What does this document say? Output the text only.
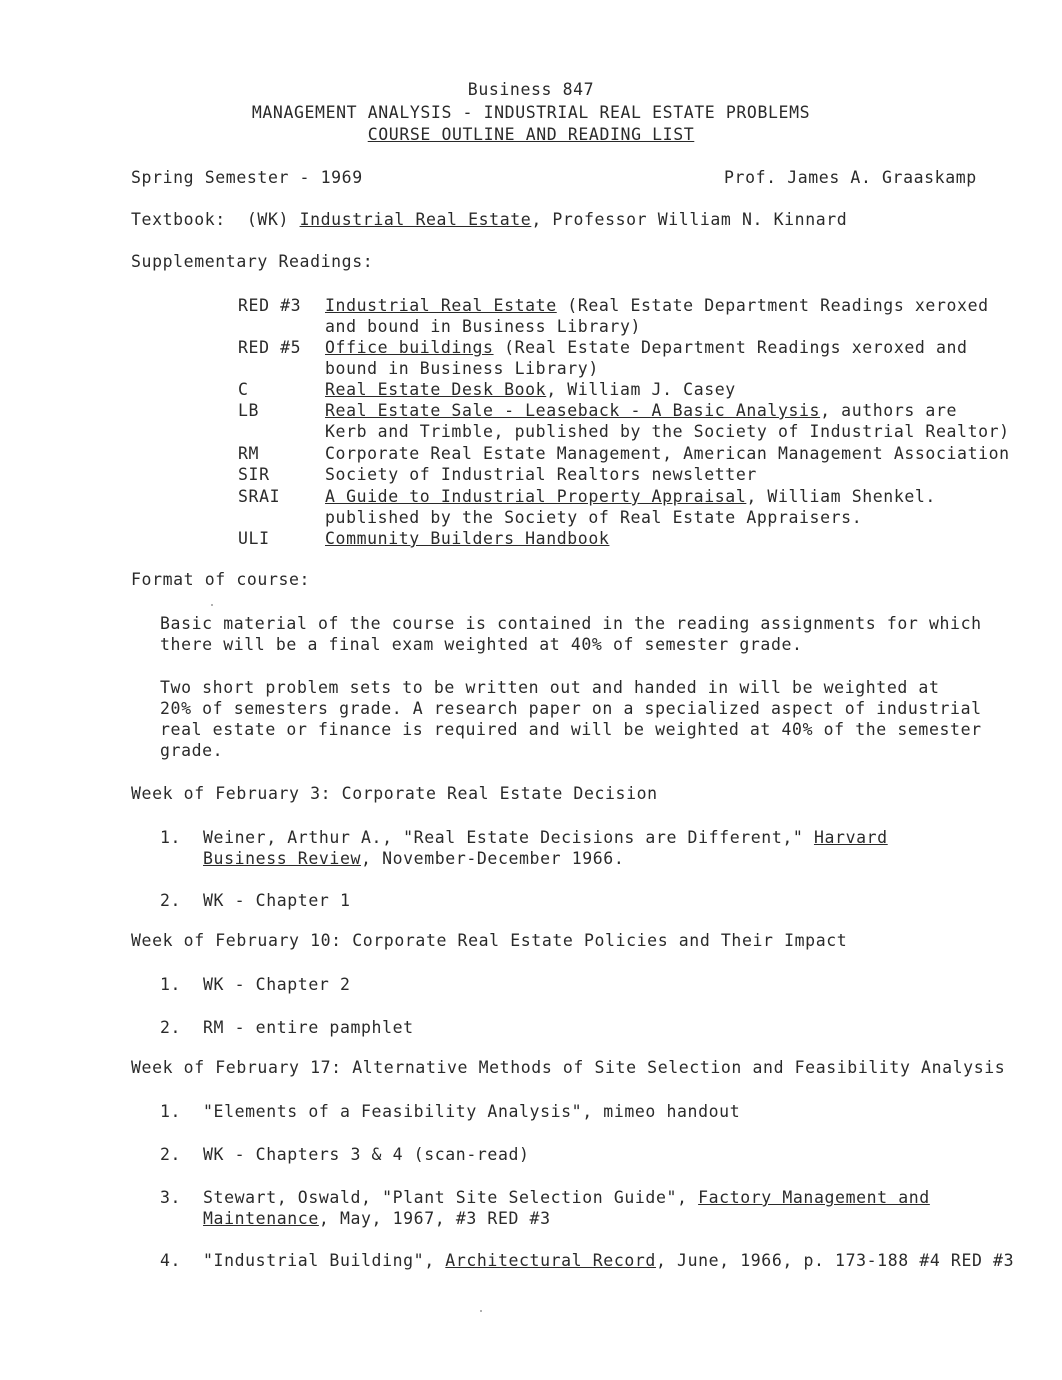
Business 847
MANAGEMENT ANALYSIS - INDUSTRIAL REAL ESTATE PROBLEMS
COURSE OUTLINE AND READING LIST
Spring Semester - 1969	Prof. James A. Graaskamp
Textbook: (WK) Industrial Real Estate, Professor William N. Kinnard
Supplementary Readings:
RED #3 Industrial Real Estate (Real Estate Department Readings xeroxed
and bound in Business Library)
RED #5 Office buildings (Real Estate Department Readings xeroxed and
bound in Business Library)
C	Real Estate Desk Book, William J. Casey
LB	Real Estate Sale - Leaseback - A Basic Analysis, authors are
Kerb and Trimble, published by the Society of Industrial Realtor)
RM	Corporate Real Estate Management, American Management Association
SIR	Society of Industrial Realtors newsletter
SRAI	A Guide to Industrial Property Appraisal, William Shenkel.
published by the Society of Real Estate Appraisers.
ULI	Community Builders Handbook
Format of course:

Basic material of the course is contained in the reading assignments for which

there will be a final exam weighted at 40% of semester grade.

Two short problem sets to be written out and handed in will be weighted at

20% of semesters grade. A research paper on a specialized aspect of industrial

real estate or finance is required and will be weighted at 40% of the semester

grade.

Week of February 3: Corporate Real Estate Decision
1. Weiner, Arthur A., "Real Estate Decisions are Different," Harvard

Business Review, November-December 1966.

2. WK - Chapter 1

Week of February 10: Corporate Real Estate Policies and Their Impact
1. WK - Chapter 2

2. RM - entire pamphlet

Week of February 17: Alternative Methods of Site Selection and Feasibility Analysis
1. "Elements of a Feasibility Analysis", mimeo handout

2. WK - Chapters 3 & 4 (scan-read)

3. Stewart, Oswald, "Plant Site Selection Guide", Factory Management and

Maintenance, May, 1967, #3 RED #3

4. "Industrial Building", Architectural Record, June, 1966, p. 173-188 #4 RED #3
